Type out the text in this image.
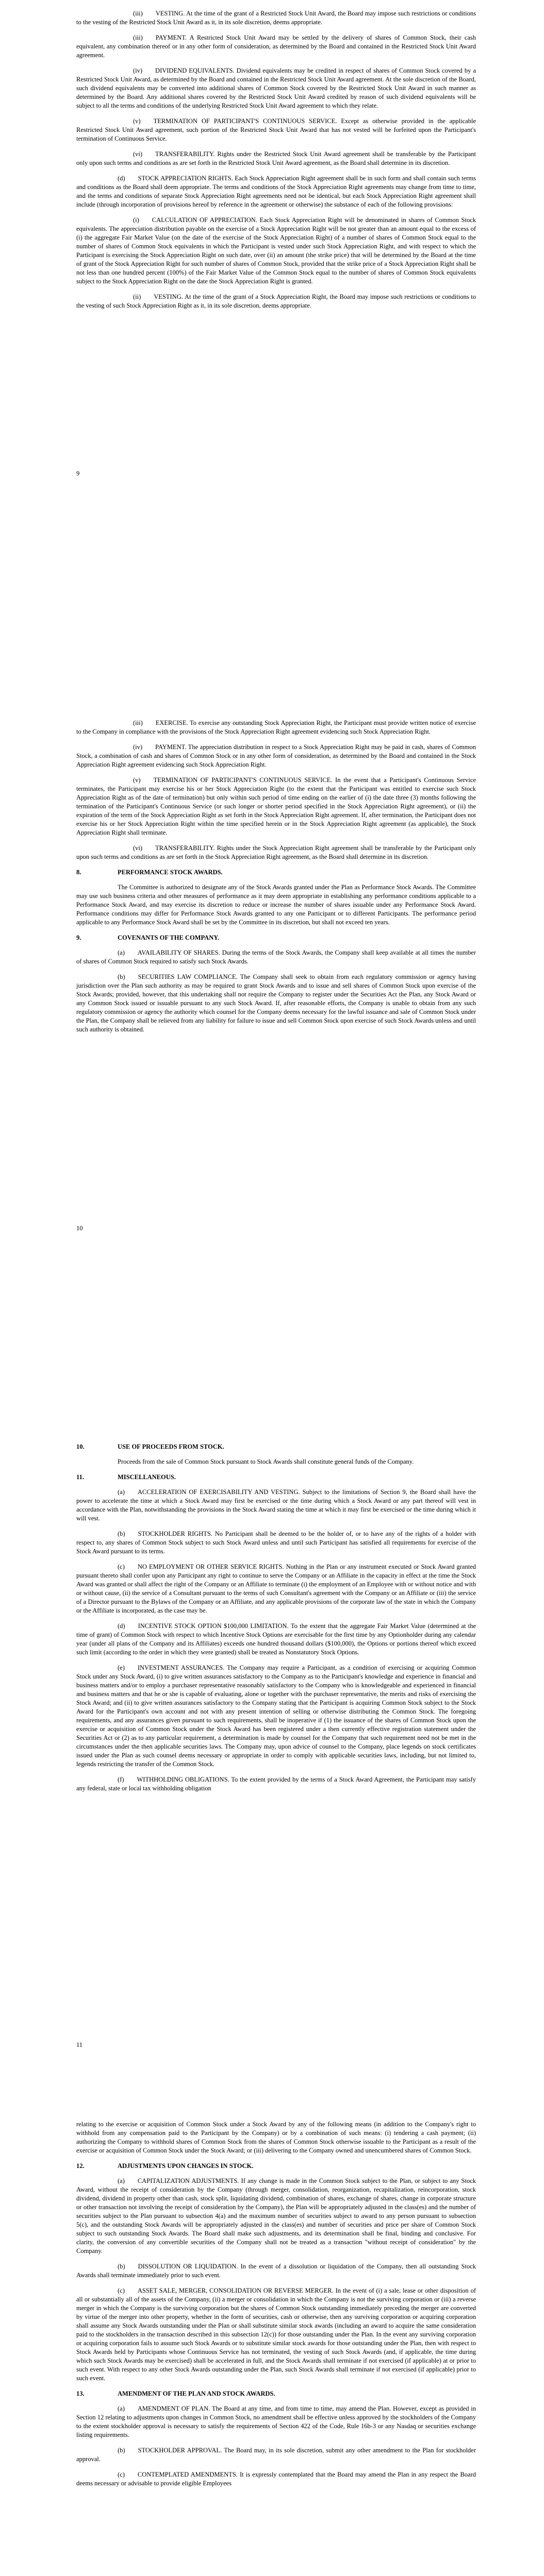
(iii)  VESTING. At the time of the grant of a Restricted Stock Unit Award, the Board may impose such restrictions or conditions to the vesting of the Restricted Stock Unit Award as it, in its sole discretion, deems appropriate.

(iii)  PAYMENT. A Restricted Stock Unit Award may be settled by the delivery of shares of Common Stock, their cash equivalent, any combination thereof or in any other form of consideration, as determined by the Board and contained in the Restricted Stock Unit Award agreement.

(iv)  DIVIDEND EQUIVALENTS. Dividend equivalents may be credited in respect of shares of Common Stock covered by a Restricted Stock Unit Award, as determined by the Board and contained in the Restricted Stock Unit Award agreement. At the sole discretion of the Board, such dividend equivalents may be converted into additional shares of Common Stock covered by the Restricted Stock Unit Award in such manner as determined by the Board. Any additional shares covered by the Restricted Stock Unit Award credited by reason of such dividend equivalents will be subject to all the terms and conditions of the underlying Restricted Stock Unit Award agreement to which they relate.

(v)  TERMINATION OF PARTICIPANT'S CONTINUOUS SERVICE. Except as otherwise provided in the applicable Restricted Stock Unit Award agreement, such portion of the Restricted Stock Unit Award that has not vested will be forfeited upon the Participant's termination of Continuous Service.

(vi)  TRANSFERABILITY. Rights under the Restricted Stock Unit Award agreement shall be transferable by the Participant only upon such terms and conditions as are set forth in the Restricted Stock Unit Award agreement, as the Board shall determine in its discretion.

(d)  STOCK APPRECIATION RIGHTS. Each Stock Appreciation Right agreement shall be in such form and shall contain such terms and conditions as the Board shall deem appropriate. The terms and conditions of the Stock Appreciation Right agreements may change from time to time, and the terms and conditions of separate Stock Appreciation Right agreements need not be identical, but each Stock Appreciation Right agreement shall include (through incorporation of provisions hereof by reference in the agreement or otherwise) the substance of each of the following provisions:

(i)  CALCULATION OF APPRECIATION. Each Stock Appreciation Right will be denominated in shares of Common Stock equivalents. The appreciation distribution payable on the exercise of a Stock Appreciation Right will be not greater than an amount equal to the excess of (i) the aggregate Fair Market Value (on the date of the exercise of the Stock Appreciation Right) of a number of shares of Common Stock equal to the number of shares of Common Stock equivalents in which the Participant is vested under such Stock Appreciation Right, and with respect to which the Participant is exercising the Stock Appreciation Right on such date, over (ii) an amount (the strike price) that will be determined by the Board at the time of grant of the Stock Appreciation Right for such number of shares of Common Stock, provided that the strike price of a Stock Appreciation Right shall be not less than one hundred percent (100%) of the Fair Market Value of the Common Stock equal to the number of shares of Common Stock equivalents subject to the Stock Appreciation Right on the date the Stock Appreciation Right is granted.

(ii)  VESTING. At the time of the grant of a Stock Appreciation Right, the Board may impose such restrictions or conditions to the vesting of such Stock Appreciation Right as it, in its sole discretion, deems appropriate.

9

(iii)  EXERCISE. To exercise any outstanding Stock Appreciation Right, the Participant must provide written notice of exercise to the Company in compliance with the provisions of the Stock Appreciation Right agreement evidencing such Stock Appreciation Right.

(iv)  PAYMENT. The appreciation distribution in respect to a Stock Appreciation Right may be paid in cash, shares of Common Stock, a combination of cash and shares of Common Stock or in any other form of consideration, as determined by the Board and contained in the Stock Appreciation Right agreement evidencing such Stock Appreciation Right.

(v)  TERMINATION OF PARTICIPANT'S CONTINUOUS SERVICE. In the event that a Participant's Continuous Service terminates, the Participant may exercise his or her Stock Appreciation Right (to the extent that the Participant was entitled to exercise such Stock Appreciation Right as of the date of termination) but only within such period of time ending on the earlier of (i) the date three (3) months following the termination of the Participant's Continuous Service (or such longer or shorter period specified in the Stock Appreciation Right agreement), or (ii) the expiration of the term of the Stock Appreciation Right as set forth in the Stock Appreciation Right agreement. If, after termination, the Participant does not exercise his or her Stock Appreciation Right within the time specified herein or in the Stock Appreciation Right agreement (as applicable), the Stock Appreciation Right shall terminate.

(vi)  TRANSFERABILITY. Rights under the Stock Appreciation Right agreement shall be transferable by the Participant only upon such terms and conditions as are set forth in the Stock Appreciation Right agreement, as the Board shall determine in its discretion.

8.	PERFORMANCE STOCK AWARDS.

The Committee is authorized to designate any of the Stock Awards granted under the Plan as Performance Stock Awards. The Committee may use such business criteria and other measures of performance as it may deem appropriate in establishing any performance conditions applicable to a Performance Stock Award, and may exercise its discretion to reduce or increase the number of shares issuable under any Performance Stock Award. Performance conditions may differ for Performance Stock Awards granted to any one Participant or to different Participants. The performance period applicable to any Performance Stock Award shall be set by the Committee in its discretion, but shall not exceed ten years.

9.	COVENANTS OF THE COMPANY.

(a)  AVAILABILITY OF SHARES. During the terms of the Stock Awards, the Company shall keep available at all times the number of shares of Common Stock required to satisfy such Stock Awards.

(b)  SECURITIES LAW COMPLIANCE. The Company shall seek to obtain from each regulatory commission or agency having jurisdiction over the Plan such authority as may be required to grant Stock Awards and to issue and sell shares of Common Stock upon exercise of the Stock Awards; provided, however, that this undertaking shall not require the Company to register under the Securities Act the Plan, any Stock Award or any Common Stock issued or issuable pursuant to any such Stock Award. If, after reasonable efforts, the Company is unable to obtain from any such regulatory commission or agency the authority which counsel for the Company deems necessary for the lawful issuance and sale of Common Stock under the Plan, the Company shall be relieved from any liability for failure to issue and sell Common Stock upon exercise of such Stock Awards unless and until such authority is obtained.

10
10.	USE OF PROCEEDS FROM STOCK.

Proceeds from the sale of Common Stock pursuant to Stock Awards shall constitute general funds of the Company.

11.	MISCELLANEOUS.

(a)  ACCELERATION OF EXERCISABILITY AND VESTING. Subject to the limitations of Section 9, the Board shall have the power to accelerate the time at which a Stock Award may first be exercised or the time during which a Stock Award or any part thereof will vest in accordance with the Plan, notwithstanding the provisions in the Stock Award stating the time at which it may first be exercised or the time during which it will vest.

(b)  STOCKHOLDER RIGHTS. No Participant shall be deemed to be the holder of, or to have any of the rights of a holder with respect to, any shares of Common Stock subject to such Stock Award unless and until such Participant has satisfied all requirements for exercise of the Stock Award pursuant to its terms.

(c)  NO EMPLOYMENT OR OTHER SERVICE RIGHTS. Nothing in the Plan or any instrument executed or Stock Award granted pursuant thereto shall confer upon any Participant any right to continue to serve the Company or an Affiliate in the capacity in effect at the time the Stock Award was granted or shall affect the right of the Company or an Affiliate to terminate (i) the employment of an Employee with or without notice and with or without cause, (ii) the service of a Consultant pursuant to the terms of such Consultant's agreement with the Company or an Affiliate or (iii) the service of a Director pursuant to the Bylaws of the Company or an Affiliate, and any applicable provisions of the corporate law of the state in which the Company or the Affiliate is incorporated, as the case may be.

(d)  INCENTIVE STOCK OPTION $100,000 LIMITATION. To the extent that the aggregate Fair Market Value (determined at the time of grant) of Common Stock with respect to which Incentive Stock Options are exercisable for the first time by any Optionholder during any calendar year (under all plans of the Company and its Affiliates) exceeds one hundred thousand dollars ($100,000), the Options or portions thereof which exceed such limit (according to the order in which they were granted) shall be treated as Nonstatutory Stock Options.

(e)  INVESTMENT ASSURANCES. The Company may require a Participant, as a condition of exercising or acquiring Common Stock under any Stock Award, (i) to give written assurances satisfactory to the Company as to the Participant's knowledge and experience in financial and business matters and/or to employ a purchaser representative reasonably satisfactory to the Company who is knowledgeable and experienced in financial and business matters and that he or she is capable of evaluating, alone or together with the purchaser representative, the merits and risks of exercising the Stock Award; and (ii) to give written assurances satisfactory to the Company stating that the Participant is acquiring Common Stock subject to the Stock Award for the Participant's own account and not with any present intention of selling or otherwise distributing the Common Stock. The foregoing requirements, and any assurances given pursuant to such requirements, shall be inoperative if (1) the issuance of the shares of Common Stock upon the exercise or acquisition of Common Stock under the Stock Award has been registered under a then currently effective registration statement under the Securities Act or (2) as to any particular requirement, a determination is made by counsel for the Company that such requirement need not be met in the circumstances under the then applicable securities laws. The Company may, upon advice of counsel to the Company, place legends on stock certificates issued under the Plan as such counsel deems necessary or appropriate in order to comply with applicable securities laws, including, but not limited to, legends restricting the transfer of the Common Stock.

(f)  WITHHOLDING OBLIGATIONS. To the extent provided by the terms of a Stock Award Agreement, the Participant may satisfy any federal, state or local tax withholding obligation

11

relating to the exercise or acquisition of Common Stock under a Stock Award by any of the following means (in addition to the Company's right to withhold from any compensation paid to the Participant by the Company) or by a combination of such means: (i) tendering a cash payment; (ii) authorizing the Company to withhold shares of Common Stock from the shares of Common Stock otherwise issuable to the Participant as a result of the exercise or acquisition of Common Stock under the Stock Award; or (iii) delivering to the Company owned and unencumbered shares of Common Stock.

12.	ADJUSTMENTS UPON CHANGES IN STOCK.

(a)  CAPITALIZATION ADJUSTMENTS. If any change is made in the Common Stock subject to the Plan, or subject to any Stock Award, without the receipt of consideration by the Company (through merger, consolidation, reorganization, recapitalization, reincorporation, stock dividend, dividend in property other than cash, stock split, liquidating dividend, combination of shares, exchange of shares, change in corporate structure or other transaction not involving the receipt of consideration by the Company), the Plan will be appropriately adjusted in the class(es) and the number of securities subject to the Plan pursuant to subsection 4(a) and the maximum number of securities subject to award to any person pursuant to subsection 5(c), and the outstanding Stock Awards will be appropriately adjusted in the class(es) and number of securities and price per share of Common Stock subject to such outstanding Stock Awards. The Board shall make such adjustments, and its determination shall be final, binding and conclusive. For clarity, the conversion of any convertible securities of the Company shall not be treated as a transaction "without receipt of consideration" by the Company.

(b)  DISSOLUTION OR LIQUIDATION. In the event of a dissolution or liquidation of the Company, then all outstanding Stock Awards shall terminate immediately prior to such event.

(c)  ASSET SALE, MERGER, CONSOLIDATION OR REVERSE MERGER. In the event of (i) a sale, lease or other disposition of all or substantially all of the assets of the Company, (ii) a merger or consolidation in which the Company is not the surviving corporation or (iii) a reverse merger in which the Company is the surviving corporation but the shares of Common Stock outstanding immediately preceding the merger are converted by virtue of the merger into other property, whether in the form of securities, cash or otherwise, then any surviving corporation or acquiring corporation shall assume any Stock Awards outstanding under the Plan or shall substitute similar stock awards (including an award to acquire the same consideration paid to the stockholders in the transaction described in this subsection 12(c)) for those outstanding under the Plan. In the event any surviving corporation or acquiring corporation fails to assume such Stock Awards or to substitute similar stock awards for those outstanding under the Plan, then with respect to Stock Awards held by Participants whose Continuous Service has not terminated, the vesting of such Stock Awards (and, if applicable, the time during which such Stock Awards may be exercised) shall be accelerated in full, and the Stock Awards shall terminate if not exercised (if applicable) at or prior to such event. With respect to any other Stock Awards outstanding under the Plan, such Stock Awards shall terminate if not exercised (if applicable) prior to such event.

13.	AMENDMENT OF THE PLAN AND STOCK AWARDS.

(a)  AMENDMENT OF PLAN. The Board at any time, and from time to time, may amend the Plan. However, except as provided in Section 12 relating to adjustments upon changes in Common Stock, no amendment shall be effective unless approved by the stockholders of the Company to the extent stockholder approval is necessary to satisfy the requirements of Section 422 of the Code, Rule 16b-3 or any Nasdaq or securities exchange listing requirements.

(b)  STOCKHOLDER APPROVAL. The Board may, in its sole discretion, submit any other amendment to the Plan for stockholder approval.

(c)  CONTEMPLATED AMENDMENTS. It is expressly contemplated that the Board may amend the Plan in any respect the Board deems necessary or advisable to provide eligible Employees
